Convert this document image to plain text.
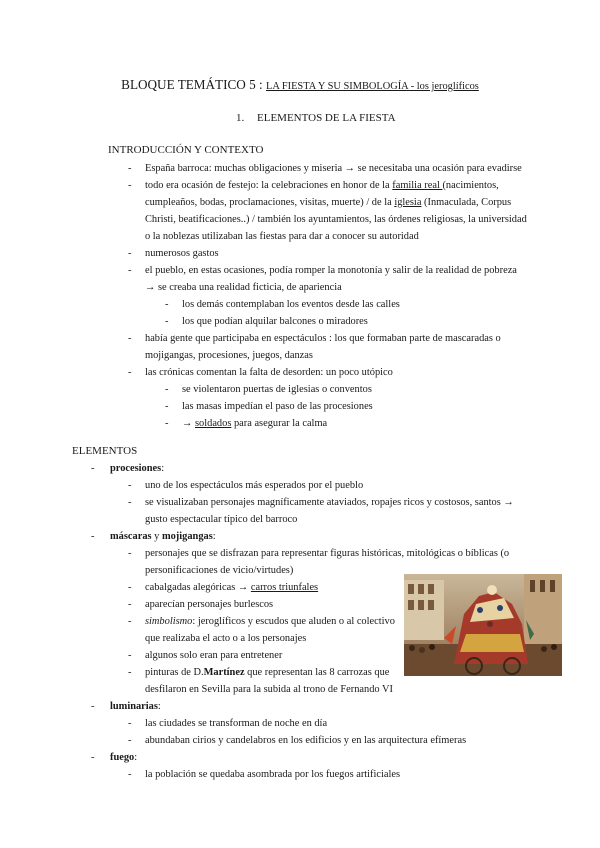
BLOQUE TEMÁTICO 5 : LA FIESTA Y SU SIMBOLOGÍA - los jeroglíficos
1. ELEMENTOS DE LA FIESTA
INTRODUCCIÓN Y CONTEXTO
- España barroca: muchas obligaciones y miseria → se necesitaba una ocasión para evadirse
- todo era ocasión de festejo: la celebraciones en honor de la familia real (nacimientos,
cumpleaños, bodas, proclamaciones, visitas, muerte) / de la iglesia (Inmaculada, Corpus
Christi, beatificaciones..) / también los ayuntamientos, las órdenes religiosas, la universidad
o la noblezas utilizaban las fiestas para dar a conocer su autoridad
- numerosos gastos
- el pueblo, en estas ocasiones, podía romper la monotonía y salir de la realidad de pobreza
→ se creaba una realidad ficticia, de apariencia
- los demás contemplaban los eventos desde las calles
- los que podían alquilar balcones o miradores
- había gente que participaba en espectáculos : los que formaban parte de mascaradas o
mojigangas, procesiones, juegos, danzas
- las crónicas comentan la falta de desorden: un poco utópico
- se violentaron puertas de iglesias o conventos
- las masas impedían el paso de las procesiones
- → soldados para asegurar la calma
ELEMENTOS
- procesiones:
- uno de los espectáculos más esperados por el pueblo
- se visualizaban personajes magníficamente ataviados, ropajes ricos y costosos, santos →
gusto espectacular típico del barroco
- máscaras y mojigangas:
- personajes que se disfrazan para representar figuras históricas, mitológicas o bíblicas (o
personificaciones de vicio/virtudes)
- cabalgadas alegóricas → carros triunfales
- aparecían personajes burlescos
- simbolismo: jeroglíficos y escudos que aluden o al colectivo
que realizaba el acto o a los personajes
- algunos solo eran para entretener
- pinturas de D.Martínez que representan las 8 carrozas que
desfilaron en Sevilla para la subida al trono de Fernando VI
- luminarias:
- las ciudades se transforman de noche en día
- abundaban cirios y candelabros en los edificios y en las arquitectura efímeras
- fuego:
- la población se quedaba asombrada por los fuegos artificiales
